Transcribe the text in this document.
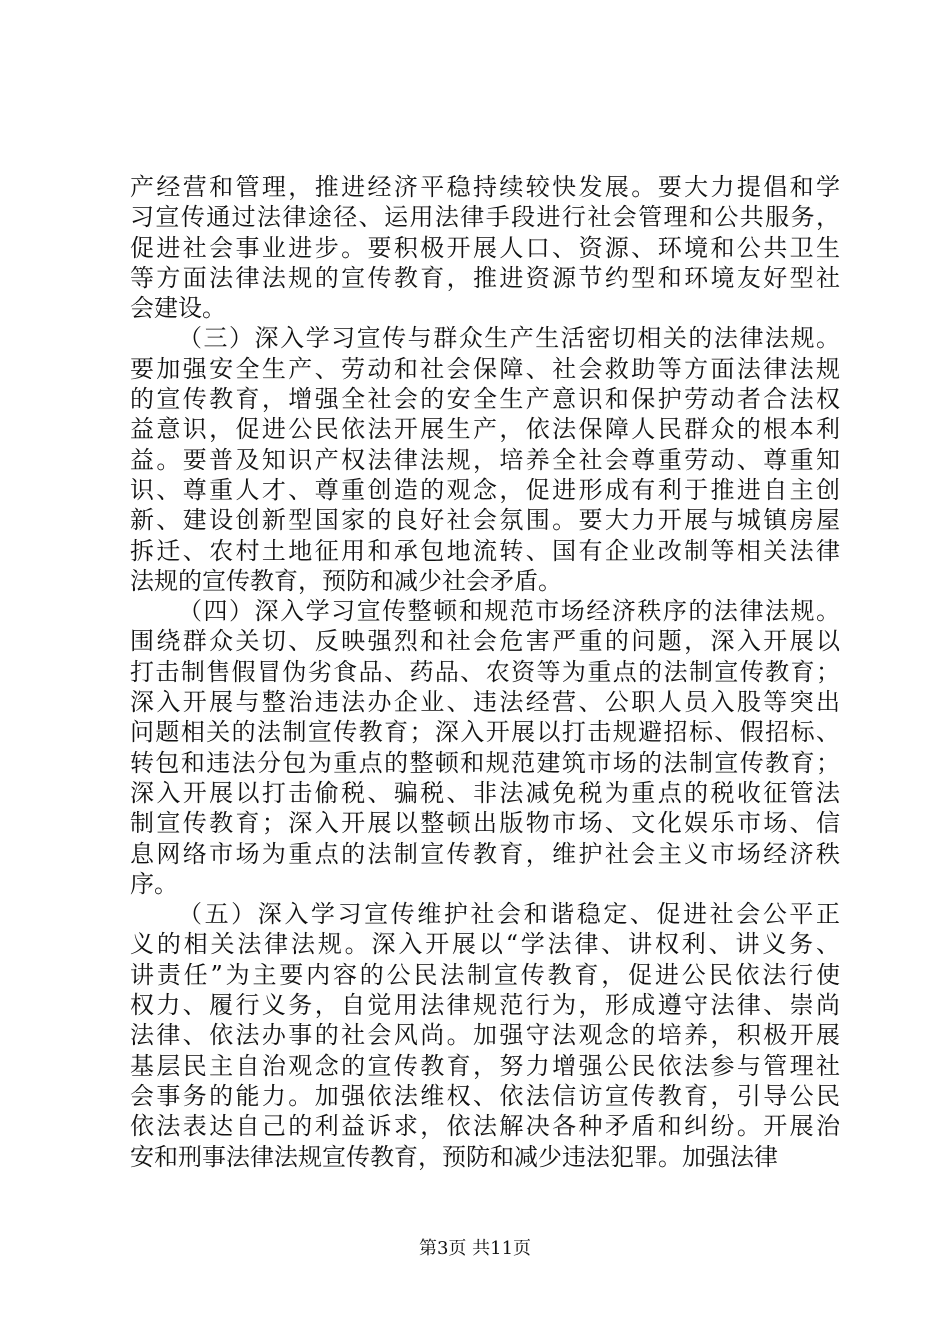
产经营和管理，推进经济平稳持续较快发展。要大力提倡和学
习宣传通过法律途径、运用法律手段进行社会管理和公共服务，
促进社会事业进步。要积极开展人口、资源、环境和公共卫生
等方面法律法规的宣传教育，推进资源节约型和环境友好型社
会建设。
（三）深入学习宣传与群众生产生活密切相关的法律法规。
要加强安全生产、劳动和社会保障、社会救助等方面法律法规
的宣传教育，增强全社会的安全生产意识和保护劳动者合法权
益意识，促进公民依法开展生产，依法保障人民群众的根本利
益。要普及知识产权法律法规，培养全社会尊重劳动、尊重知
识、尊重人才、尊重创造的观念，促进形成有利于推进自主创
新、建设创新型国家的良好社会氛围。要大力开展与城镇房屋
拆迁、农村土地征用和承包地流转、国有企业改制等相关法律
法规的宣传教育，预防和减少社会矛盾。
（四）深入学习宣传整顿和规范市场经济秩序的法律法规。
围绕群众关切、反映强烈和社会危害严重的问题，深入开展以
打击制售假冒伪劣食品、药品、农资等为重点的法制宣传教育；
深入开展与整治违法办企业、违法经营、公职人员入股等突出
问题相关的法制宣传教育；深入开展以打击规避招标、假招标、
转包和违法分包为重点的整顿和规范建筑市场的法制宣传教育；
深入开展以打击偷税、骗税、非法减免税为重点的税收征管法
制宣传教育；深入开展以整顿出版物市场、文化娱乐市场、信
息网络市场为重点的法制宣传教育，维护社会主义市场经济秩
序。
（五）深入学习宣传维护社会和谐稳定、促进社会公平正
义的相关法律法规。深入开展以“学法律、讲权利、讲义务、
讲责任”为主要内容的公民法制宣传教育，促进公民依法行使
权力、履行义务，自觉用法律规范行为，形成遵守法律、崇尚
法律、依法办事的社会风尚。加强守法观念的培养，积极开展
基层民主自治观念的宣传教育，努力增强公民依法参与管理社
会事务的能力。加强依法维权、依法信访宣传教育，引导公民
依法表达自己的利益诉求，依法解决各种矛盾和纠纷。开展治
安和刑事法律法规宣传教育，预防和减少违法犯罪。加强法律
第3页 共11页
